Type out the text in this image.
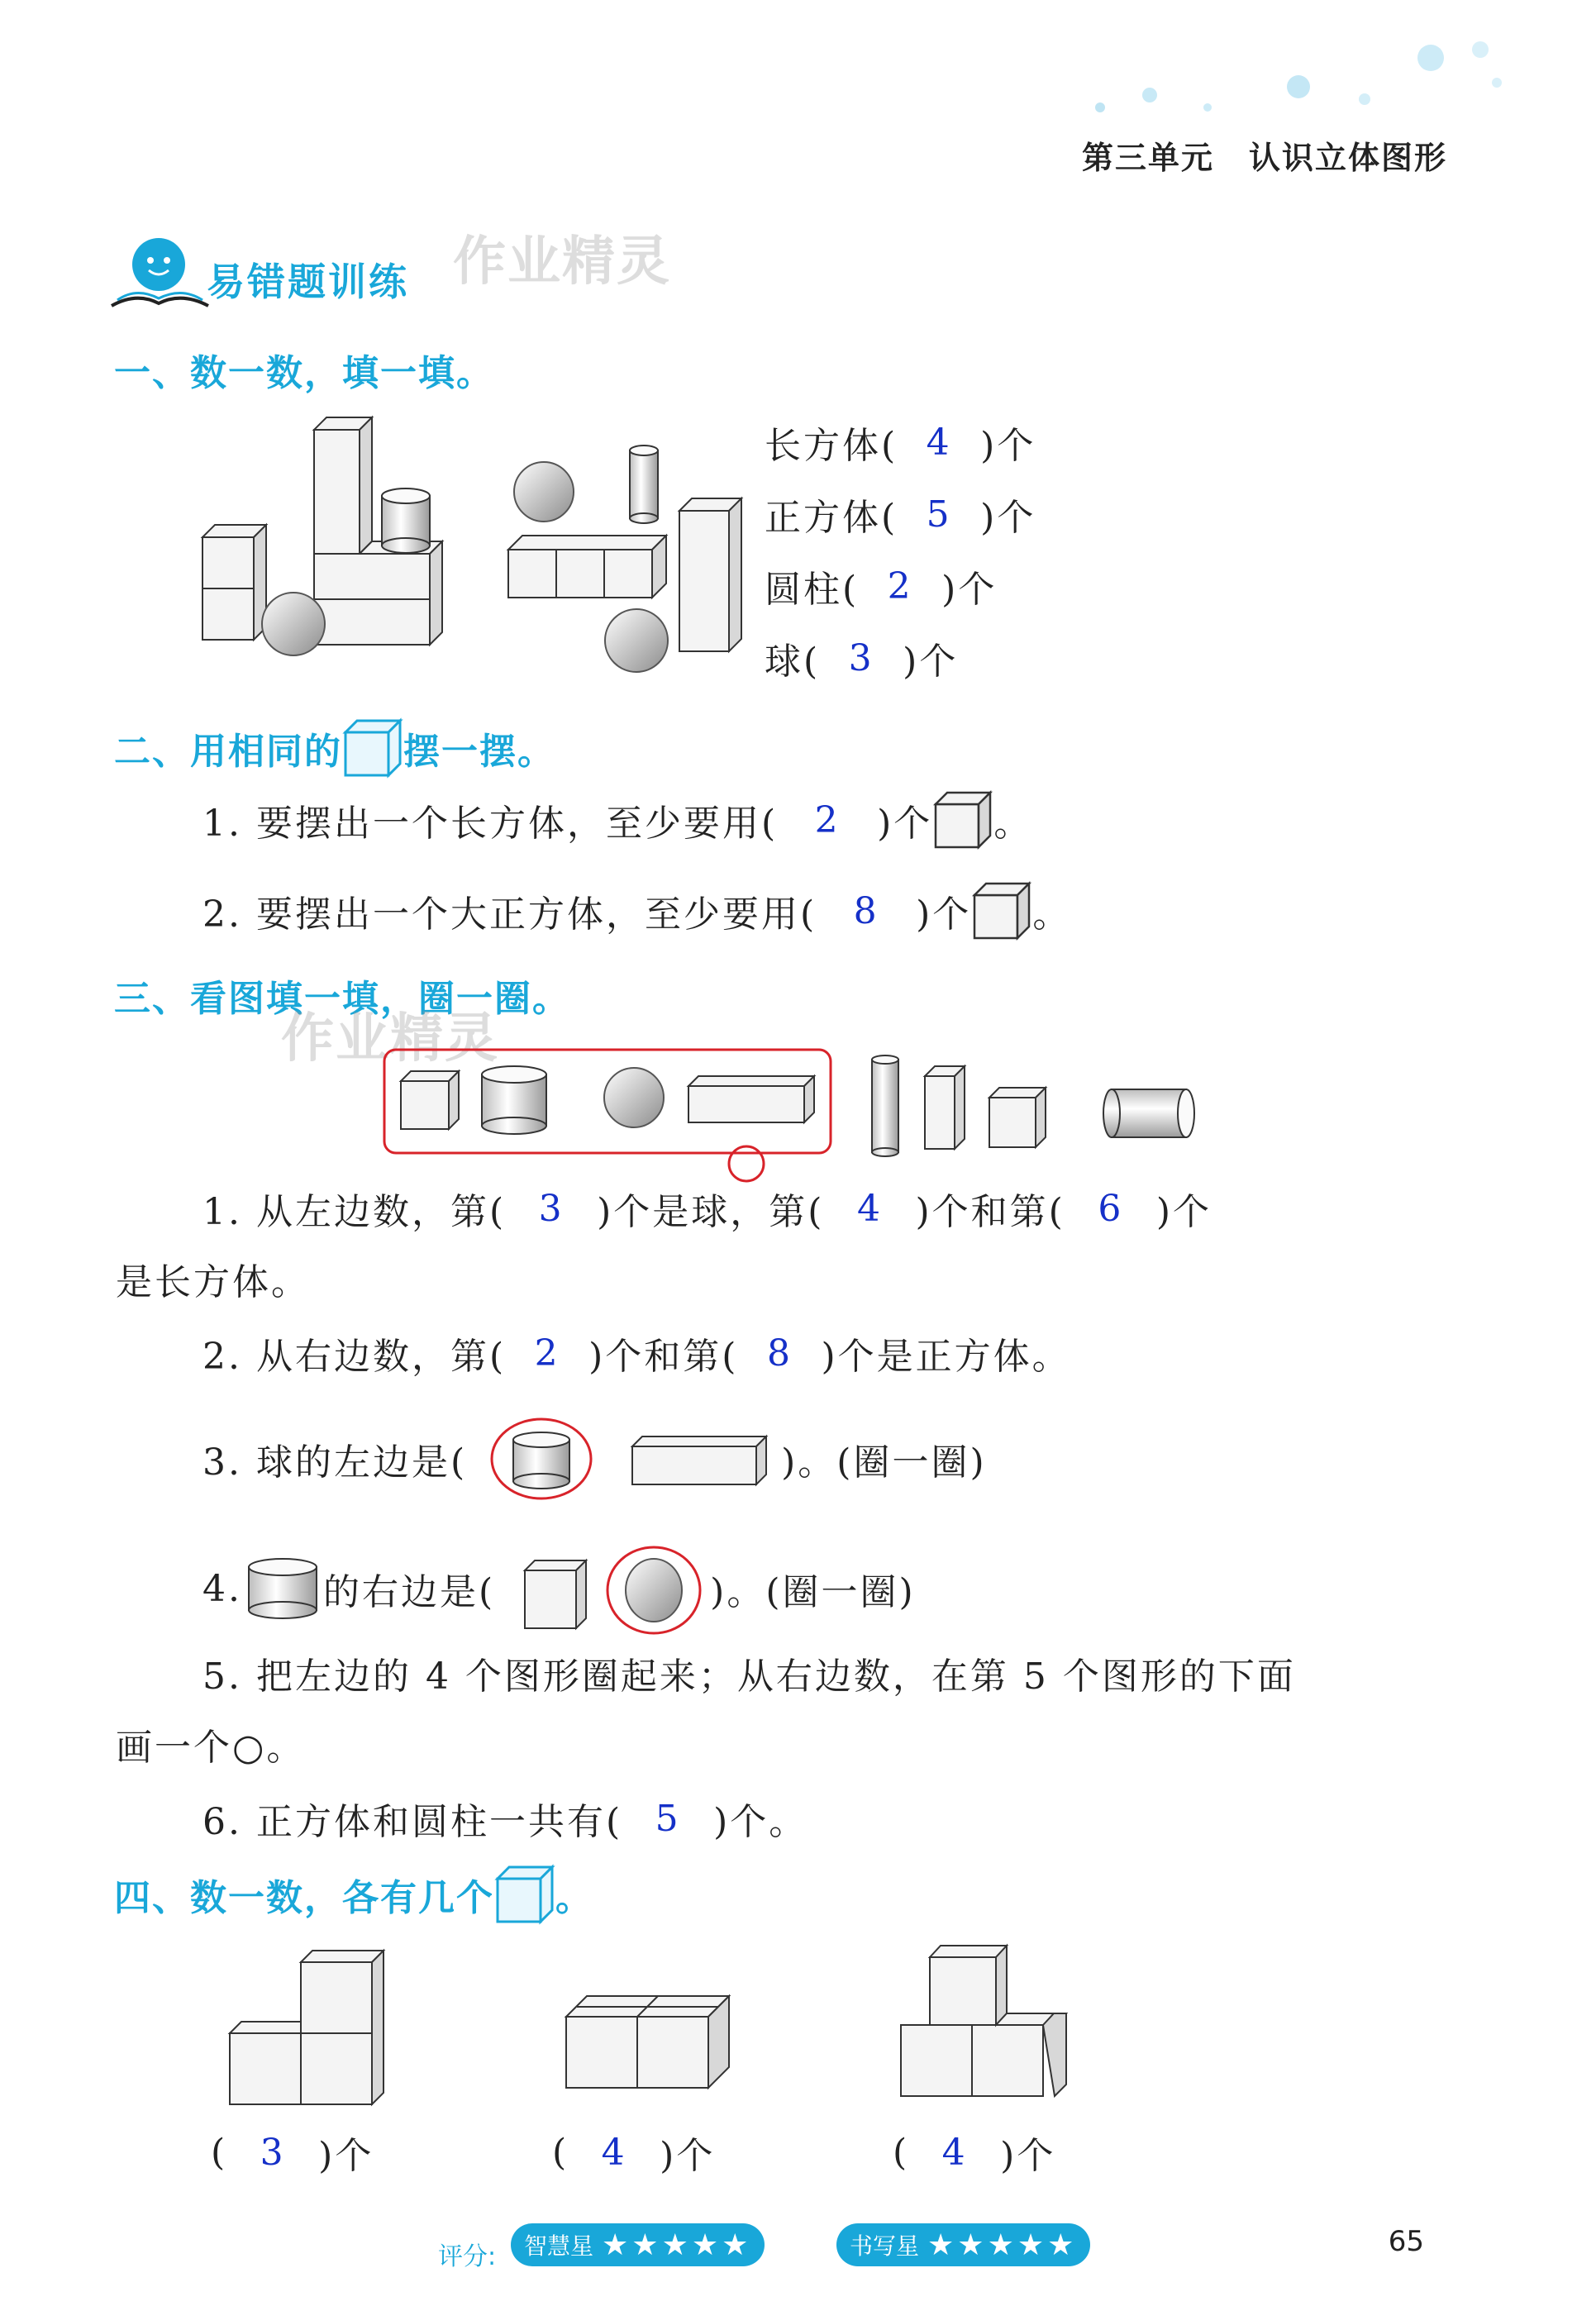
第三单元 认识立体图形
易错题训练 作业精灵
一、数一数，填一填。
长方体( 4 )个
正方体( 5 )个
圆柱( 2 )个
球( 3 )个
二、用相同的 摆一摆。
1. 要摆出一个长方体，至少要用(	2	)个 。
2. 要摆出一个大正方体，至少要用(	8	)个 。
三、看图填一填，圈一圈。
作业精灵
1. 从左边数，第( 3 )个是球，第( 4 )个和第( 6 )个
是长方体。
2. 从右边数，第( 2 )个和第( 8 )个是正方体。
3. 球的左边是(	)。(圈一圈)
4. 的右边是(	)。(圈一圈)
5. 把左边的 4 个图形圈起来；从右边数，在第 5 个图形的下面
画一个○。
6. 正方体和圆柱一共有( 5 )个。
四、数一数，各有几个 。
( 3 )个	( 4 )个	( 4 )个
评分: 智慧星 ★★★★★	书写星 ★★★★★	65
